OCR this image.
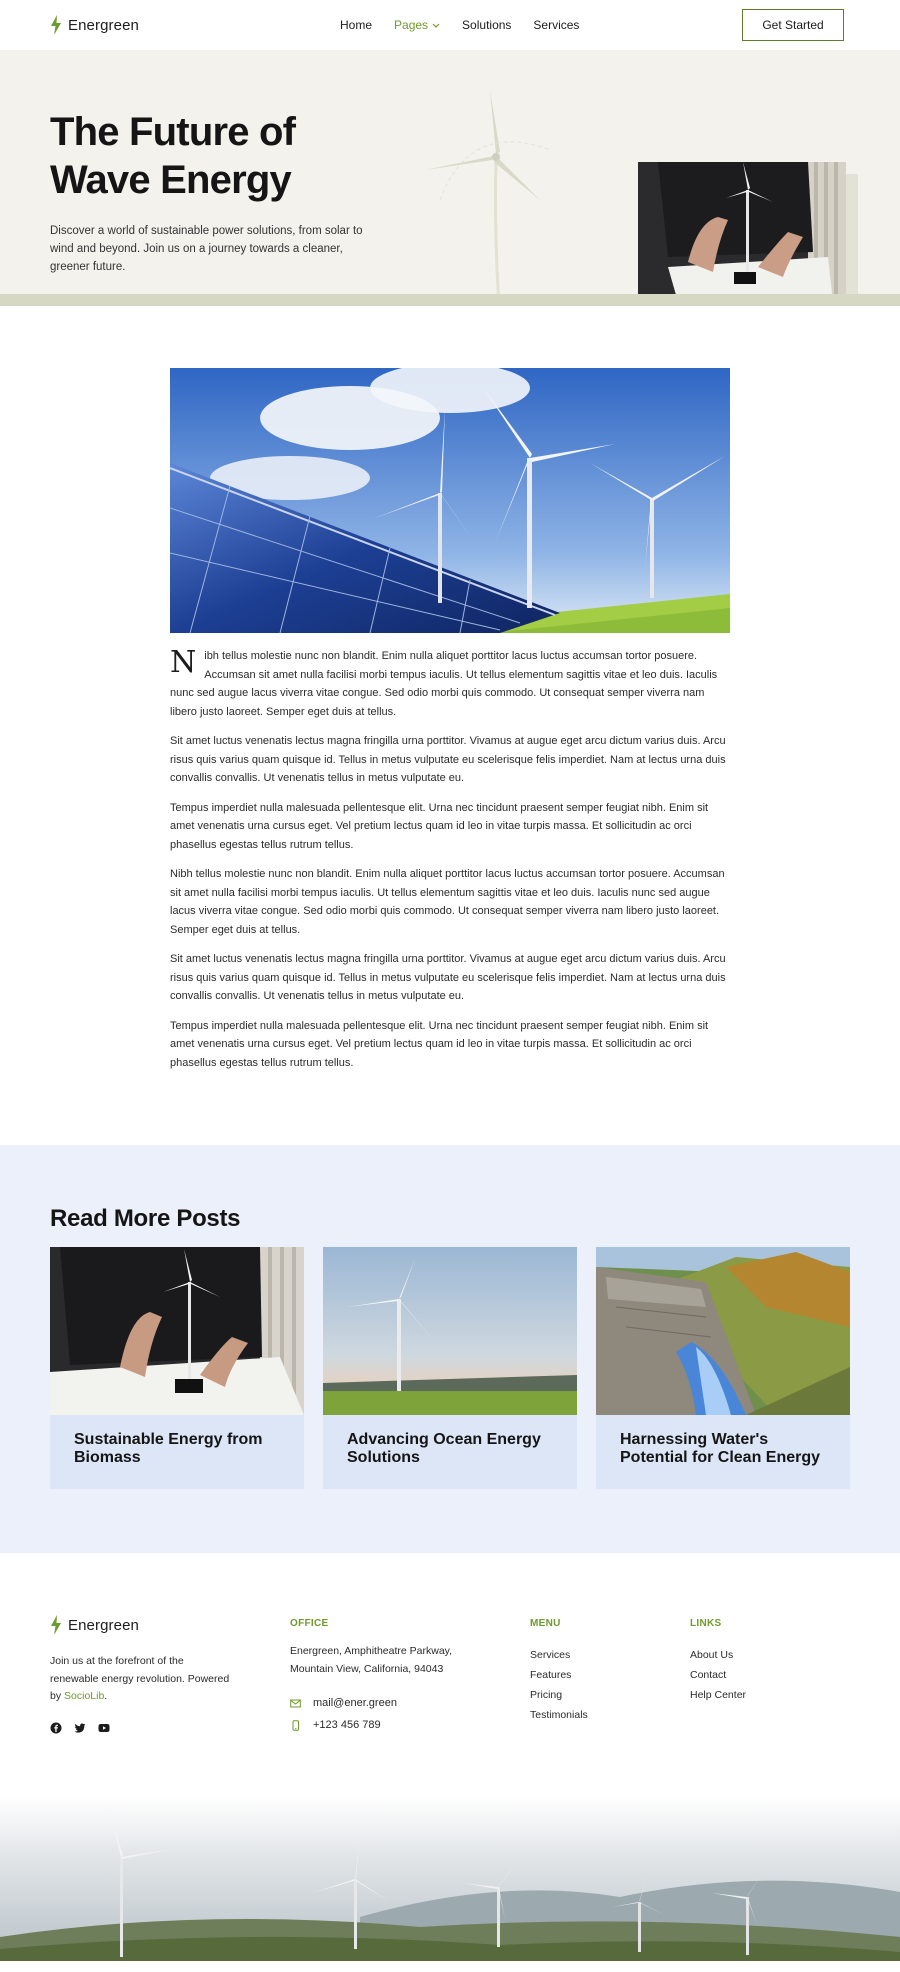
Energreen	Home Pages	Solutions Services	Get Started
The Future of
Wave Energy

Discover a world of sustainable power solutions, from solar to wind and beyond. Join us on a journey towards a cleaner, greener future.

Nibh tellus molestie nunc non blandit. Enim nulla aliquet porttitor lacus luctus accumsan tortor posuere. Accumsan sit amet nulla facilisi morbi tempus iaculis. Ut tellus elementum sagittis vitae et leo duis. Iaculis nunc sed augue lacus viverra vitae congue. Sed odio morbi quis commodo. Ut consequat semper viverra nam libero justo laoreet. Semper eget duis at tellus.

Sit amet luctus venenatis lectus magna fringilla urna porttitor. Vivamus at augue eget arcu dictum varius duis. Arcu risus quis varius quam quisque id. Tellus in metus vulputate eu scelerisque felis imperdiet. Nam at lectus urna duis convallis convallis. Ut venenatis tellus in metus vulputate eu.

Tempus imperdiet nulla malesuada pellentesque elit. Urna nec tincidunt praesent semper feugiat nibh. Enim sit amet venenatis urna cursus eget. Vel pretium lectus quam id leo in vitae turpis massa. Et sollicitudin ac orci phasellus egestas tellus rutrum tellus.

Nibh tellus molestie nunc non blandit. Enim nulla aliquet porttitor lacus luctus accumsan tortor posuere. Accumsan sit amet nulla facilisi morbi tempus iaculis. Ut tellus elementum sagittis vitae et leo duis. Iaculis nunc sed augue lacus viverra vitae congue. Sed odio morbi quis commodo. Ut consequat semper viverra nam libero justo laoreet. Semper eget duis at tellus.

Sit amet luctus venenatis lectus magna fringilla urna porttitor. Vivamus at augue eget arcu dictum varius duis. Arcu risus quis varius quam quisque id. Tellus in metus vulputate eu scelerisque felis imperdiet. Nam at lectus urna duis convallis convallis. Ut venenatis tellus in metus vulputate eu.

Tempus imperdiet nulla malesuada pellentesque elit. Urna nec tincidunt praesent semper feugiat nibh. Enim sit amet venenatis urna cursus eget. Vel pretium lectus quam id leo in vitae turpis massa. Et sollicitudin ac orci phasellus egestas tellus rutrum tellus.

Read More Posts
Sustainable Energy from Biomass
Advancing Ocean Energy Solutions
Harnessing Water's Potential for Clean Energy
Energreen

Join us at the forefront of the renewable energy revolution. Powered by SocioLib.

OFFICE

Energreen, Amphitheatre Parkway, Mountain View, California, 94043

mail@ener.green
+123 456 789
MENU
Services
Features
Pricing
Testimonials
LINKS
About Us
Contact
Help Center
